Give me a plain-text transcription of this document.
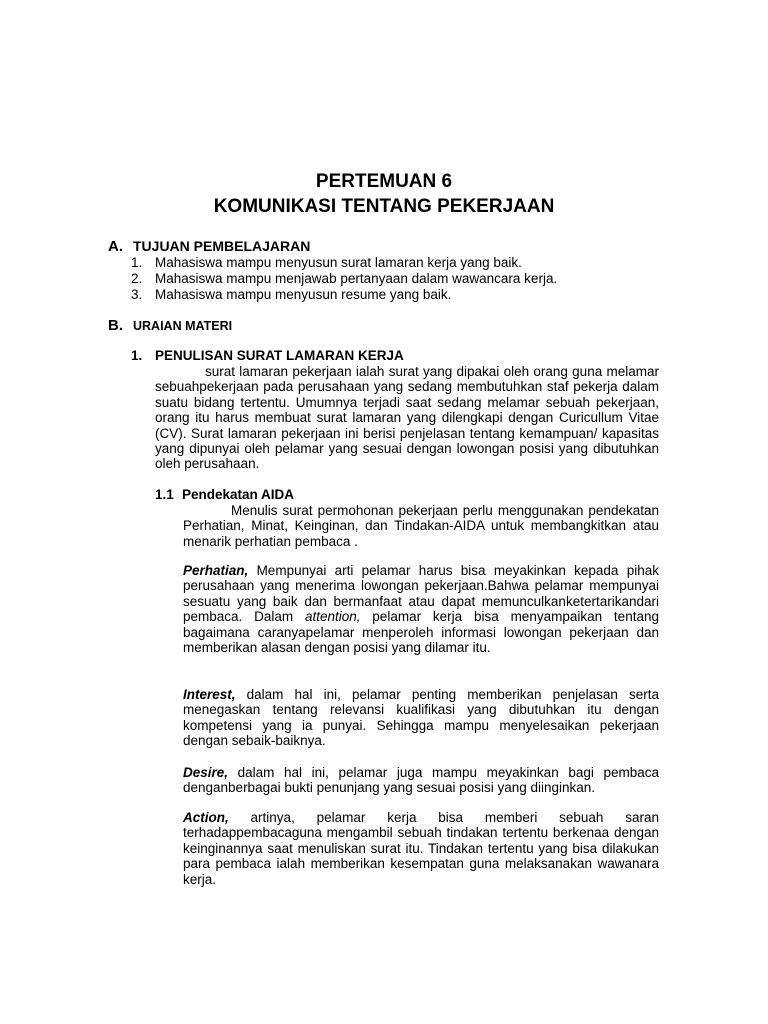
PERTEMUAN 6
KOMUNIKASI TENTANG PEKERJAAN
A. TUJUAN PEMBELAJARAN
1. Mahasiswa mampu menyusun surat lamaran kerja yang baik.
2. Mahasiswa mampu menjawab pertanyaan dalam wawancara kerja.
3. Mahasiswa mampu menyusun resume yang baik.
B. URAIAN MATERI
1. PENULISAN SURAT LAMARAN KERJA
surat lamaran pekerjaan ialah surat yang dipakai oleh orang guna melamar sebuahpekerjaan pada perusahaan yang sedang membutuhkan staf pekerja dalam suatu bidang tertentu. Umumnya terjadi saat sedang melamar sebuah pekerjaan, orang itu harus membuat surat lamaran yang dilengkapi dengan Curicullum Vitae (CV). Surat lamaran pekerjaan ini berisi penjelasan tentang kemampuan/ kapasitas yang dipunyai oleh pelamar yang sesuai dengan lowongan posisi yang dibutuhkan oleh perusahaan.
1.1 Pendekatan AIDA
Menulis surat permohonan pekerjaan perlu menggunakan pendekatan Perhatian, Minat, Keinginan, dan Tindakan-AIDA untuk membangkitkan atau menarik perhatian pembaca .
Perhatian, Mempunyai arti pelamar harus bisa meyakinkan kepada pihak perusahaan yang menerima lowongan pekerjaan.Bahwa pelamar mempunyai sesuatu yang baik dan bermanfaat atau dapat memunculkanketertarikandari pembaca. Dalam attention, pelamar kerja bisa menyampaikan tentang bagaimana caranyapelamar menperoleh informasi lowongan pekerjaan dan memberikan alasan dengan posisi yang dilamar itu.
Interest, dalam hal ini, pelamar penting memberikan penjelasan serta menegaskan tentang relevansi kualifikasi yang dibutuhkan itu dengan kompetensi yang ia punyai. Sehingga mampu menyelesaikan pekerjaan dengan sebaik-baiknya.
Desire, dalam hal ini, pelamar juga mampu meyakinkan bagi pembaca denganberbagai bukti penunjang yang sesuai posisi yang diinginkan.
Action, artinya, pelamar kerja bisa memberi sebuah saran terhadappembacaguna mengambil sebuah tindakan tertentu berkenaa dengan keinginannya saat menuliskan surat itu. Tindakan tertentu yang bisa dilakukan para pembaca ialah memberikan kesempatan guna melaksanakan wawanara kerja.
